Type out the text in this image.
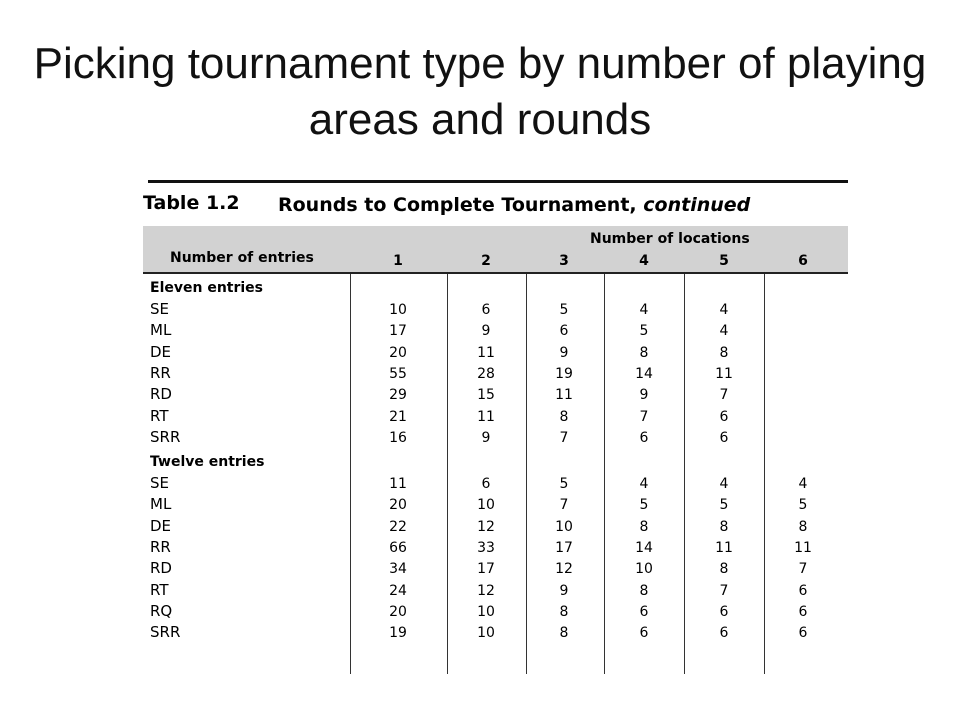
Picking tournament type by number of playing areas and rounds
Table 1.2 Rounds to Complete Tournament, continued
Number of locations
Number of entries	1	2	3	4	5	6
Eleven entries
SE	10	6	5	4	4
ML	17	9	6	5	4
DE	20	11	9	8	8
RR	55	28	19	14	11
RD	29	15	11	9	7
RT	21	11	8	7	6
SRR	16	9	7	6	6
Twelve entries
SE	11	6	5	4	4	4
ML	20	10	7	5	5	5
DE	22	12	10	8	8	8
RR	66	33	17	14	11	11
RD	34	17	12	10	8	7
RT	24	12	9	8	7	6
RQ	20	10	8	6	6	6
SRR	19	10	8	6	6	6
